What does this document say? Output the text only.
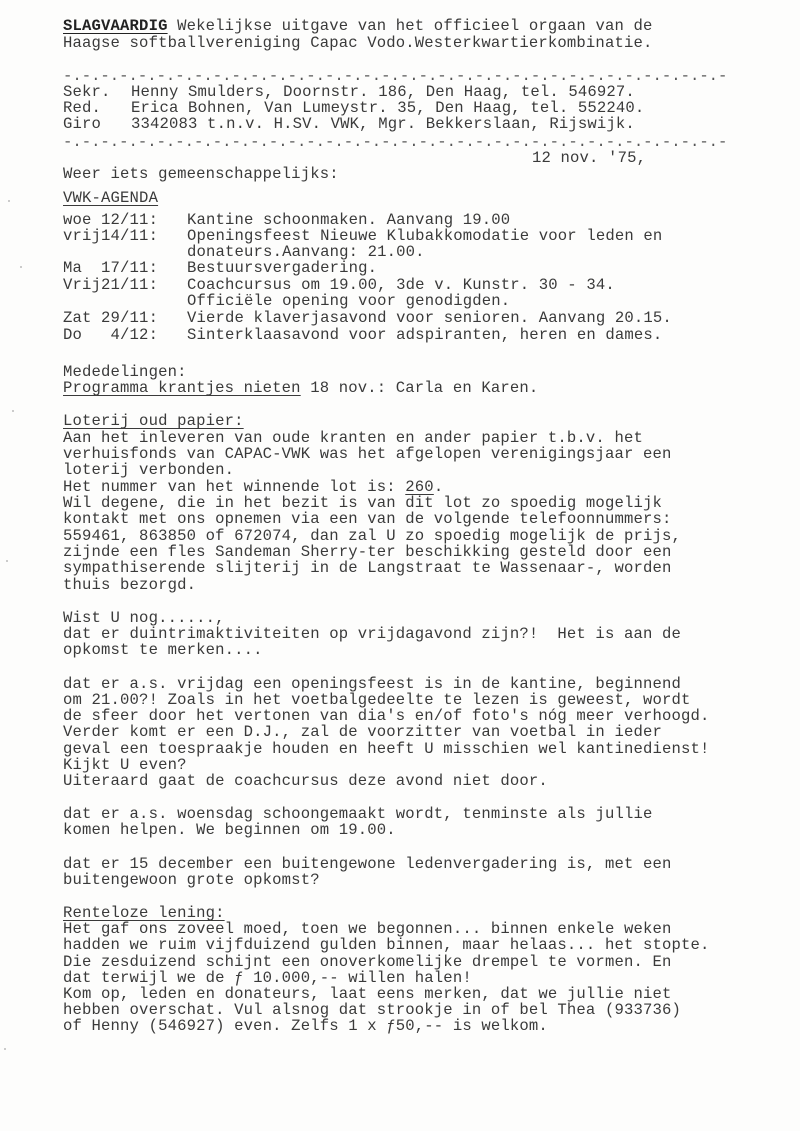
SLAGVAARDIG Wekelijkse uitgave van het officieel orgaan van de
Haagse softballvereniging Capac Vodo.Westerkwartierkombinatie.
-.-.-.-.-.-.-.-.-.-.-.-.-.-.-.-.-.-.-.-.-.-.-.-.-.-.-.-.-.-.-.-.-.-.-.-
Sekr. Henny Smulders, Doornstr. 186, Den Haag, tel. 546927.
Red. Erica Bohnen, Van Lumeystr. 35, Den Haag, tel. 552240.
Giro 3342083 t.n.v. H.SV. VWK, Mgr. Bekkerslaan, Rijswijk.
-.-.-.-.-.-.-.-.-.-.-.-.-.-.-.-.-.-.-.-.-.-.-.-.-.-.-.-.-.-.-.-.-.-.-.-
12 nov. '75,
Weer iets gemeenschappelijks:
VWK-AGENDA
woe 12/11: Kantine schoonmaken. Aanvang 19.00
vrij14/11: Openingsfeest Nieuwe Klubakkomodatie voor leden en
donateurs.Aanvang: 21.00.
Ma  17/11: Bestuursvergadering.
Vrij21/11: Coachcursus om 19.00, 3de v. Kunstr. 30 - 34.
Officiële opening voor genodigden.
Zat 29/11: Vierde klaverjasavond voor senioren. Aanvang 20.15.
Do   4/12: Sinterklaasavond voor adspiranten, heren en dames.
Mededelingen:
Programma krantjes nieten 18 nov.: Carla en Karen.
Loterij oud papier:
Aan het inleveren van oude kranten en ander papier t.b.v. het
verhuisfonds van CAPAC-VWK was het afgelopen verenigingsjaar een
loterij verbonden.
Het nummer van het winnende lot is: 260.
Wil degene, die in het bezit is van dit lot zo spoedig mogelijk
kontakt met ons opnemen via een van de volgende telefoonnummers:
559461, 863850 of 672074, dan zal U zo spoedig mogelijk de prijs,
zijnde een fles Sandeman Sherry-ter beschikking gesteld door een
sympathiserende slijterij in de Langstraat te Wassenaar-, worden
thuis bezorgd.
Wist U nog......,
dat er duintrimaktiviteiten op vrijdagavond zijn?!  Het is aan de
opkomst te merken....
dat er a.s. vrijdag een openingsfeest is in de kantine, beginnend
om 21.00?! Zoals in het voetbalgedeelte te lezen is geweest, wordt
de sfeer door het vertonen van dia's en/of foto's nóg meer verhoogd.
Verder komt er een D.J., zal de voorzitter van voetbal in ieder
geval een toespraakje houden en heeft U misschien wel kantinedienst!
Kijkt U even?
Uiteraard gaat de coachcursus deze avond niet door.
dat er a.s. woensdag schoongemaakt wordt, tenminste als jullie
komen helpen. We beginnen om 19.00.
dat er 15 december een buitengewone ledenvergadering is, met een
buitengewoon grote opkomst?
Renteloze lening:
Het gaf ons zoveel moed, toen we begonnen... binnen enkele weken
hadden we ruim vijfduizend gulden binnen, maar helaas... het stopte.
Die zesduizend schijnt een onoverkomelijke drempel te vormen. En
dat terwijl we de ƒ 10.000,-- willen halen!
Kom op, leden en donateurs, laat eens merken, dat we jullie niet
hebben overschat. Vul alsnog dat strookje in of bel Thea (933736)
of Henny (546927) even. Zelfs 1 x ƒ50,-- is welkom.
